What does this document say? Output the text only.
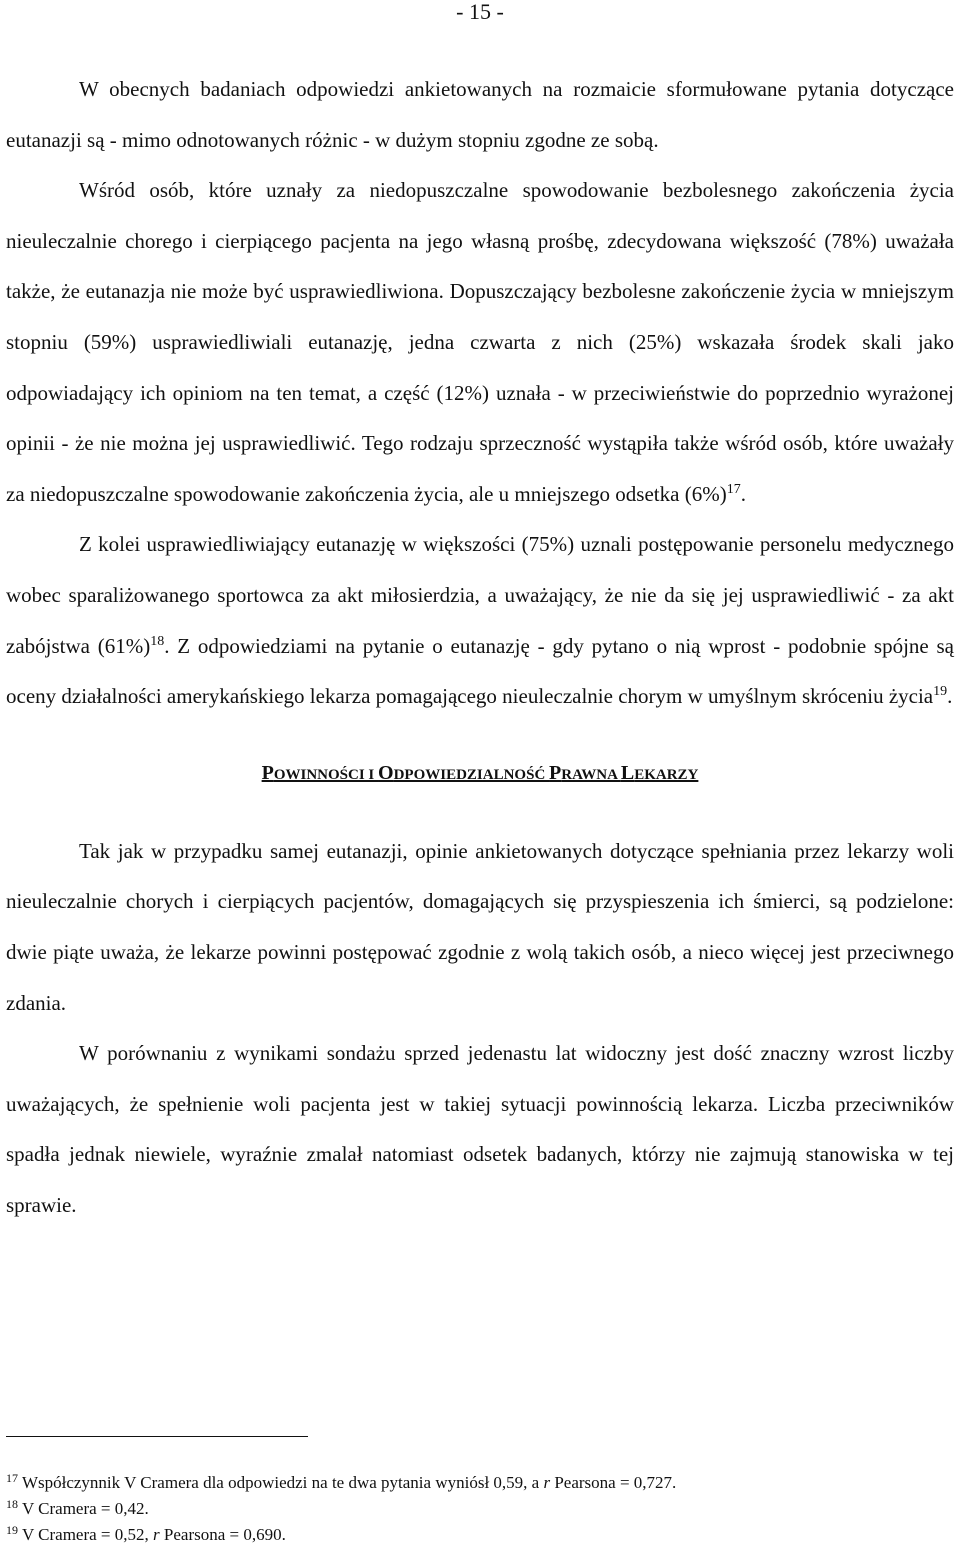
- 15 -

W obecnych badaniach odpowiedzi ankietowanych na rozmaicie sformułowane pytania dotyczące eutanazji są - mimo odnotowanych różnic - w dużym stopniu zgodne ze sobą.

Wśród osób, które uznały za niedopuszczalne spowodowanie bezbolesnego zakończenia życia nieuleczalnie chorego i cierpiącego pacjenta na jego własną prośbę, zdecydowana większość (78%) uważała także, że eutanazja nie może być usprawiedliwiona. Dopuszczający bezbolesne zakończenie życia w mniejszym stopniu (59%) usprawiedliwiali eutanazję, jedna czwarta z nich (25%) wskazała środek skali jako odpowiadający ich opiniom na ten temat, a część (12%) uznała - w przeciwieństwie do poprzednio wyrażonej opinii - że nie można jej usprawiedliwić. Tego rodzaju sprzeczność wystąpiła także wśród osób, które uważały za niedopuszczalne spowodowanie zakończenia życia, ale u mniejszego odsetka $(6\%)^{17}$.

Z kolei usprawiedliwiający eutanazję w większości (75%) uznali postępowanie personelu medycznego wobec sparaliżowanego sportowca za akt miłosierdzia, a uważający, że nie da się jej usprawiedliwić - za akt zabójstwa $(61\%)^{18}$. Z odpowiedziami na pytanie o eutanazję - gdy pytano o nią wprost - podobnie spójne są oceny działalności amerykańskiego lekarza pomagającego nieuleczalnie chorym w umyślnym skróceniu życia$^{19}$.

POWINNOŚCI I ODPOWIEDZIALNOŚĆ PRAWNA LEKARZY

Tak jak w przypadku samej eutanazji, opinie ankietowanych dotyczące spełniania przez lekarzy woli nieuleczalnie chorych i cierpiących pacjentów, domagających się przyspieszenia ich śmierci, są podzielone: dwie piąte uważa, że lekarze powinni postępować zgodnie z wolą takich osób, a nieco więcej jest przeciwnego zdania.

W porównaniu z wynikami sondażu sprzed jedenastu lat widoczny jest dość znaczny wzrost liczby uważających, że spełnienie woli pacjenta jest w takiej sytuacji powinnością lekarza. Liczba przeciwników spadła jednak niewiele, wyraźnie zmalał natomiast odsetek badanych, którzy nie zajmują stanowiska w tej sprawie.

$^{17}$ Współczynnik V Cramera dla odpowiedzi na te dwa pytania wyniósł 0,59, a r Pearsona = 0,727.

$^{18}$ V Cramera = 0,42.

$^{19}$ V Cramera = 0,52, r Pearsona = 0,690.
